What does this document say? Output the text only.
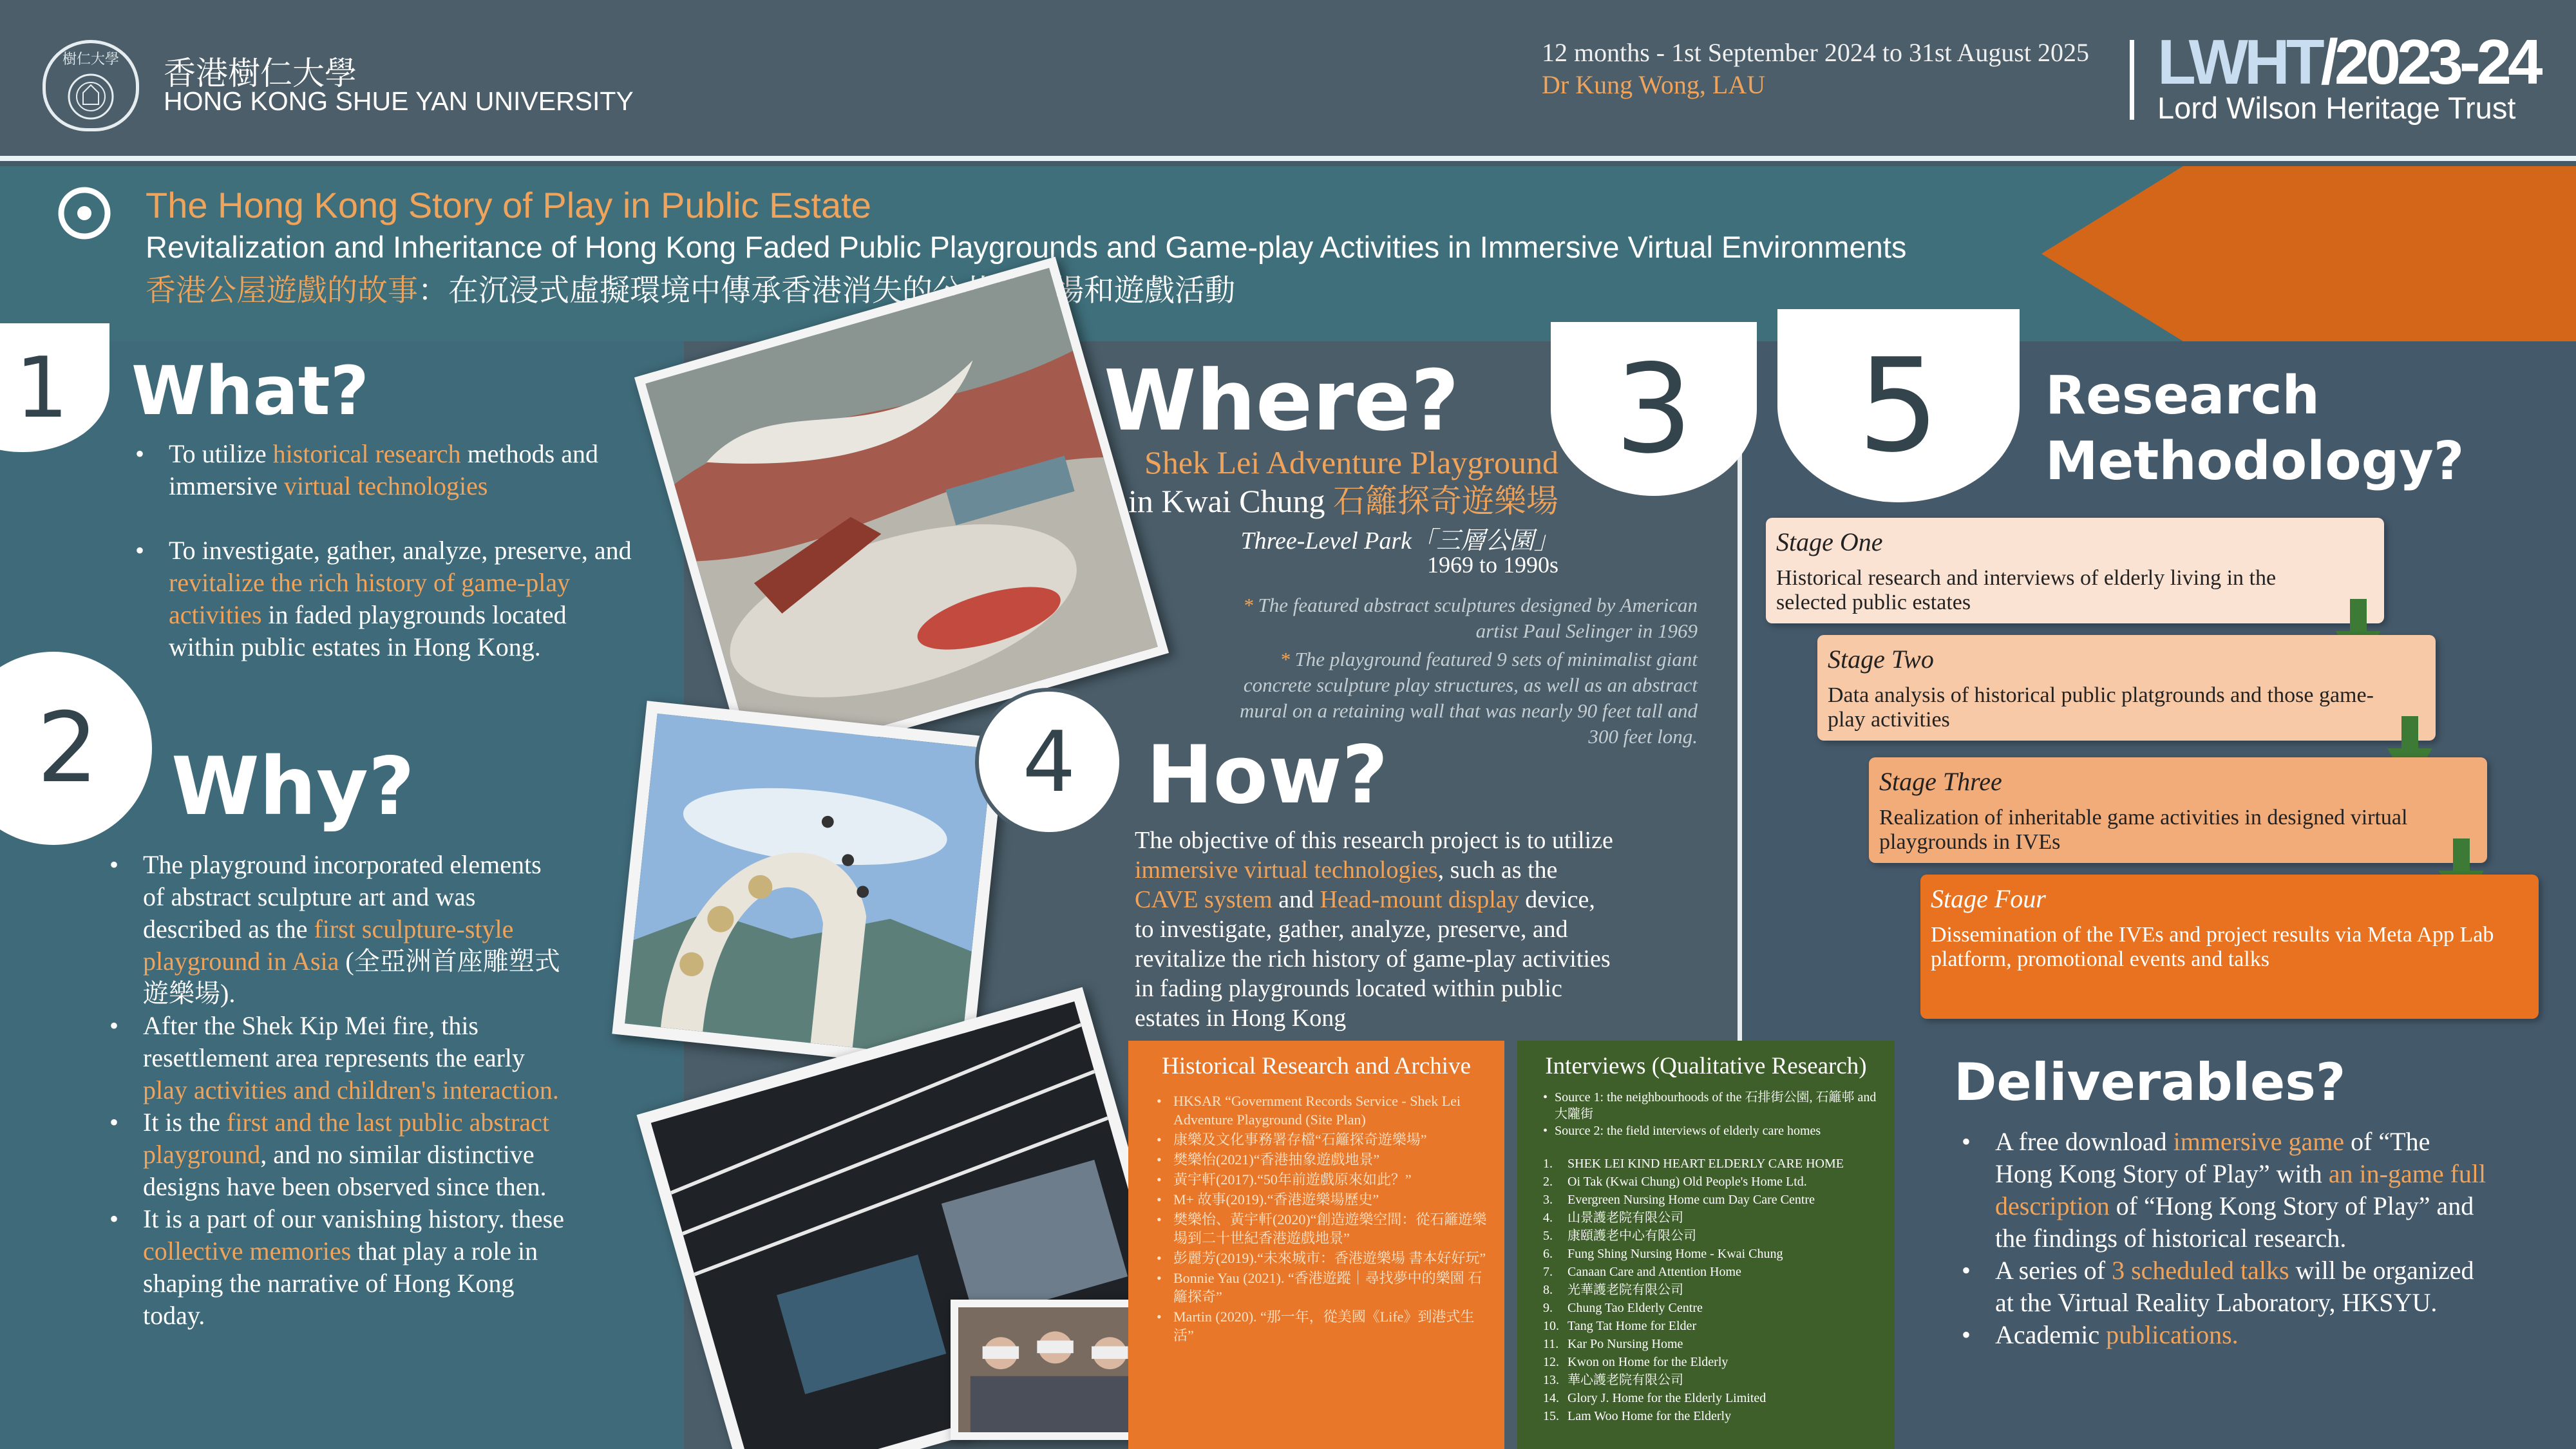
樹仁大學 香港樹仁大學
HONG KONG SHUE YAN UNIVERSITY
12 months - 1st September 2024 to 31st August 2025
Dr Kung Wong, LAU	LWHT/2023-24
Lord Wilson Heritage Trust
The Hong Kong Story of Play in Public Estate
Revitalization and Inheritance of Hong Kong Faded Public Playgrounds and Game-play Activities in Immersive Virtual Environments
香港公屋遊戲的故事：在沉浸式虛擬環境中傳承香港消失的公共遊樂場和遊戲活動
1 What?
• To utilize historical research methods and immersive virtual technologies
• To investigate, gather, analyze, preserve, and revitalize the rich history of game-play activities in faded playgrounds located within public estates in Hong Kong.
2 Why?
• The playground incorporated elements of abstract sculpture art and was described as the first sculpture-style playground in Asia (全亞洲首座雕塑式遊樂場).
• After the Shek Kip Mei fire, this resettlement area represents the early play activities and children's interaction.
• It is the first and the last public abstract playground, and no similar distinctive designs have been observed since then.
• It is a part of our vanishing history. these collective memories that play a role in shaping the narrative of Hong Kong today.
Where?	3
Shek Lei Adventure Playground
in Kwai Chung 石籬探奇遊樂場
Three-Level Park「三層公園」
1969 to 1990s
* The featured abstract sculptures designed by American artist Paul Selinger in 1969
* The playground featured 9 sets of minimalist giant concrete sculpture play structures, as well as an abstract mural on a retaining wall that was nearly 90 feet tall and 300 feet long.
4 How?
The objective of this research project is to utilize immersive virtual technologies, such as the CAVE system and Head-mount display device, to investigate, gather, analyze, preserve, and revitalize the rich history of game-play activities in fading playgrounds located within public estates in Hong Kong
Historical Research and Archive
• HKSAR “Government Records Service - Shek Lei Adventure Playground (Site Plan)
• 康樂及文化事務署存檔“石籬探奇遊樂場”
• 樊樂怡(2021)“香港抽象遊戲地景”
• 黃宇軒(2017).“50年前遊戲原來如此？”
• M+ 故事(2019).“香港遊樂場歷史”
• 樊樂怡、黃宇軒(2020)“創造遊樂空間：從石籬遊樂場到二十世紀香港遊戲地景”
• 彭麗芳(2019).“未來城市：香港遊樂場 書本好好玩”
• Bonnie Yau (2021). “香港遊蹤｜尋找夢中的樂園 石籬探奇”
• Martin (2020). “那一年，從美國《Life》到港式生活”
Interviews (Qualitative Research)
• Source 1: the neighbourhoods of the 石排街公園, 石籬邨 and 大隴街
• Source 2: the field interviews of elderly care homes
1. SHEK LEI KIND HEART ELDERLY CARE HOME
2. Oi Tak (Kwai Chung) Old People's Home Ltd.
3. Evergreen Nursing Home cum Day Care Centre
4. 山景護老院有限公司
5. 康頤護老中心有限公司
6. Fung Shing Nursing Home - Kwai Chung
7. Canaan Care and Attention Home
8. 光華護老院有限公司
9. Chung Tao Elderly Centre
10. Tang Tat Home for Elder
11. Kar Po Nursing Home
12. Kwon on Home for the Elderly
13. 華心護老院有限公司
14. Glory J. Home for the Elderly Limited
15. Lam Woo Home for the Elderly
5	Research
Methodology?
Stage One
Historical research and interviews of elderly living in the selected public estates
Stage Two
Data analysis of historical public platgrounds and those game-play activities
Stage Three
Realization of inheritable game activities in designed virtual playgrounds in IVEs
Stage Four
Dissemination of the IVEs and project results via Meta App Lab platform, promotional events and talks
Deliverables?
• A free download immersive game of “The Hong Kong Story of Play” with an in-game full description of “Hong Kong Story of Play” and the findings of historical research.
• A series of 3 scheduled talks will be organized at the Virtual Reality Laboratory, HKSYU.
• Academic publications.
